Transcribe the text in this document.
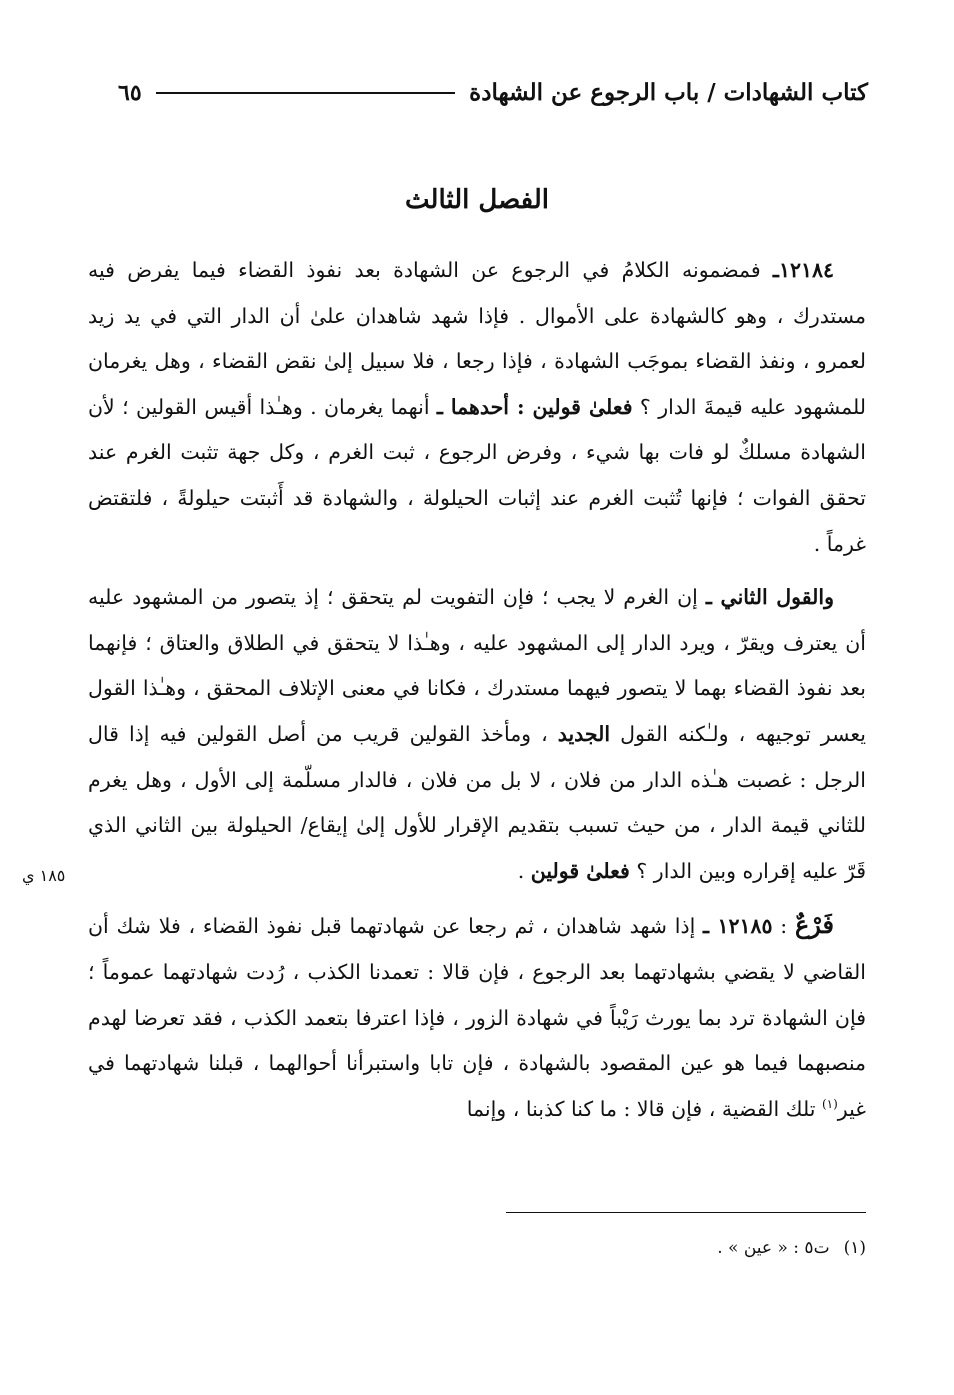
كتاب الشهادات / باب الرجوع عن الشهادة
٦٥
الفصل الثالث

١٢١٨٤ـ فمضمونه الكلامُ في الرجوع عن الشهادة بعد نفوذ القضاء فيما يفرض فيه مستدرك ، وهو كالشهادة على الأموال . فإذا شهد شاهدان علىٰ أن الدار التي في يد زيد لعمرو ، ونفذ القضاء بموجَب الشهادة ، فإذا رجعا ، فلا سبيل إلىٰ نقض القضاء ، وهل يغرمان للمشهود عليه قيمةَ الدار ؟ فعلىٰ قولين : أحدهما ـ أنهما يغرمان . وهـٰذا أقيس القولين ؛ لأن الشهادة مسلكٌ لو فات بها شيء ، وفرض الرجوع ، ثبت الغرم ، وكل جهة تثبت الغرم عند تحقق الفوات ؛ فإنها تُثبت الغرم عند إثبات الحيلولة ، والشهادة قد أَثبتت حيلولةً ، فلتقتض غرماً .

والقول الثاني ـ إن الغرم لا يجب ؛ فإن التفويت لم يتحقق ؛ إذ يتصور من المشهود عليه أن يعترف ويقرّ ، ويرد الدار إلى المشهود عليه ، وهـٰذا لا يتحقق في الطلاق والعتاق ؛ فإنهما بعد نفوذ القضاء بهما لا يتصور فيهما مستدرك ، فكانا في معنى الإتلاف المحقق ، وهـٰذا القول يعسر توجيهه ، ولـٰكنه القول الجديد ، ومأخذ القولين قريب من أصل القولين فيه إذا قال الرجل : غصبت هـٰذه الدار من فلان ، لا بل من فلان ، فالدار مسلّمة إلى الأول ، وهل يغرم للثاني قيمة الدار ، من حيث تسبب بتقديم الإقرار للأول إلىٰ إيقاع/ الحيلولة بين الثاني الذي قَرّ عليه إقراره وبين الدار ؟ فعلىٰ قولين .

فَرْعٌ : ١٢١٨٥ ـ إذا شهد شاهدان ، ثم رجعا عن شهادتهما قبل نفوذ القضاء ، فلا شك أن القاضي لا يقضي بشهادتهما بعد الرجوع ، فإن قالا : تعمدنا الكذب ، رُدت شهادتهما عموماً ؛ فإن الشهادة ترد بما يورث رَيْباً في شهادة الزور ، فإذا اعترفا بتعمد الكذب ، فقد تعرضا لهدم منصبهما فيما هو عين المقصود بالشهادة ، فإن تابا واستبرأنا أحوالهما ، قبلنا شهادتهما في غير$^{(١)}$ تلك القضية ، فإن قالا : ما كنا كذبنا ، وإنما

١٨٥ ي
(١)ت٥ : « عين » .
